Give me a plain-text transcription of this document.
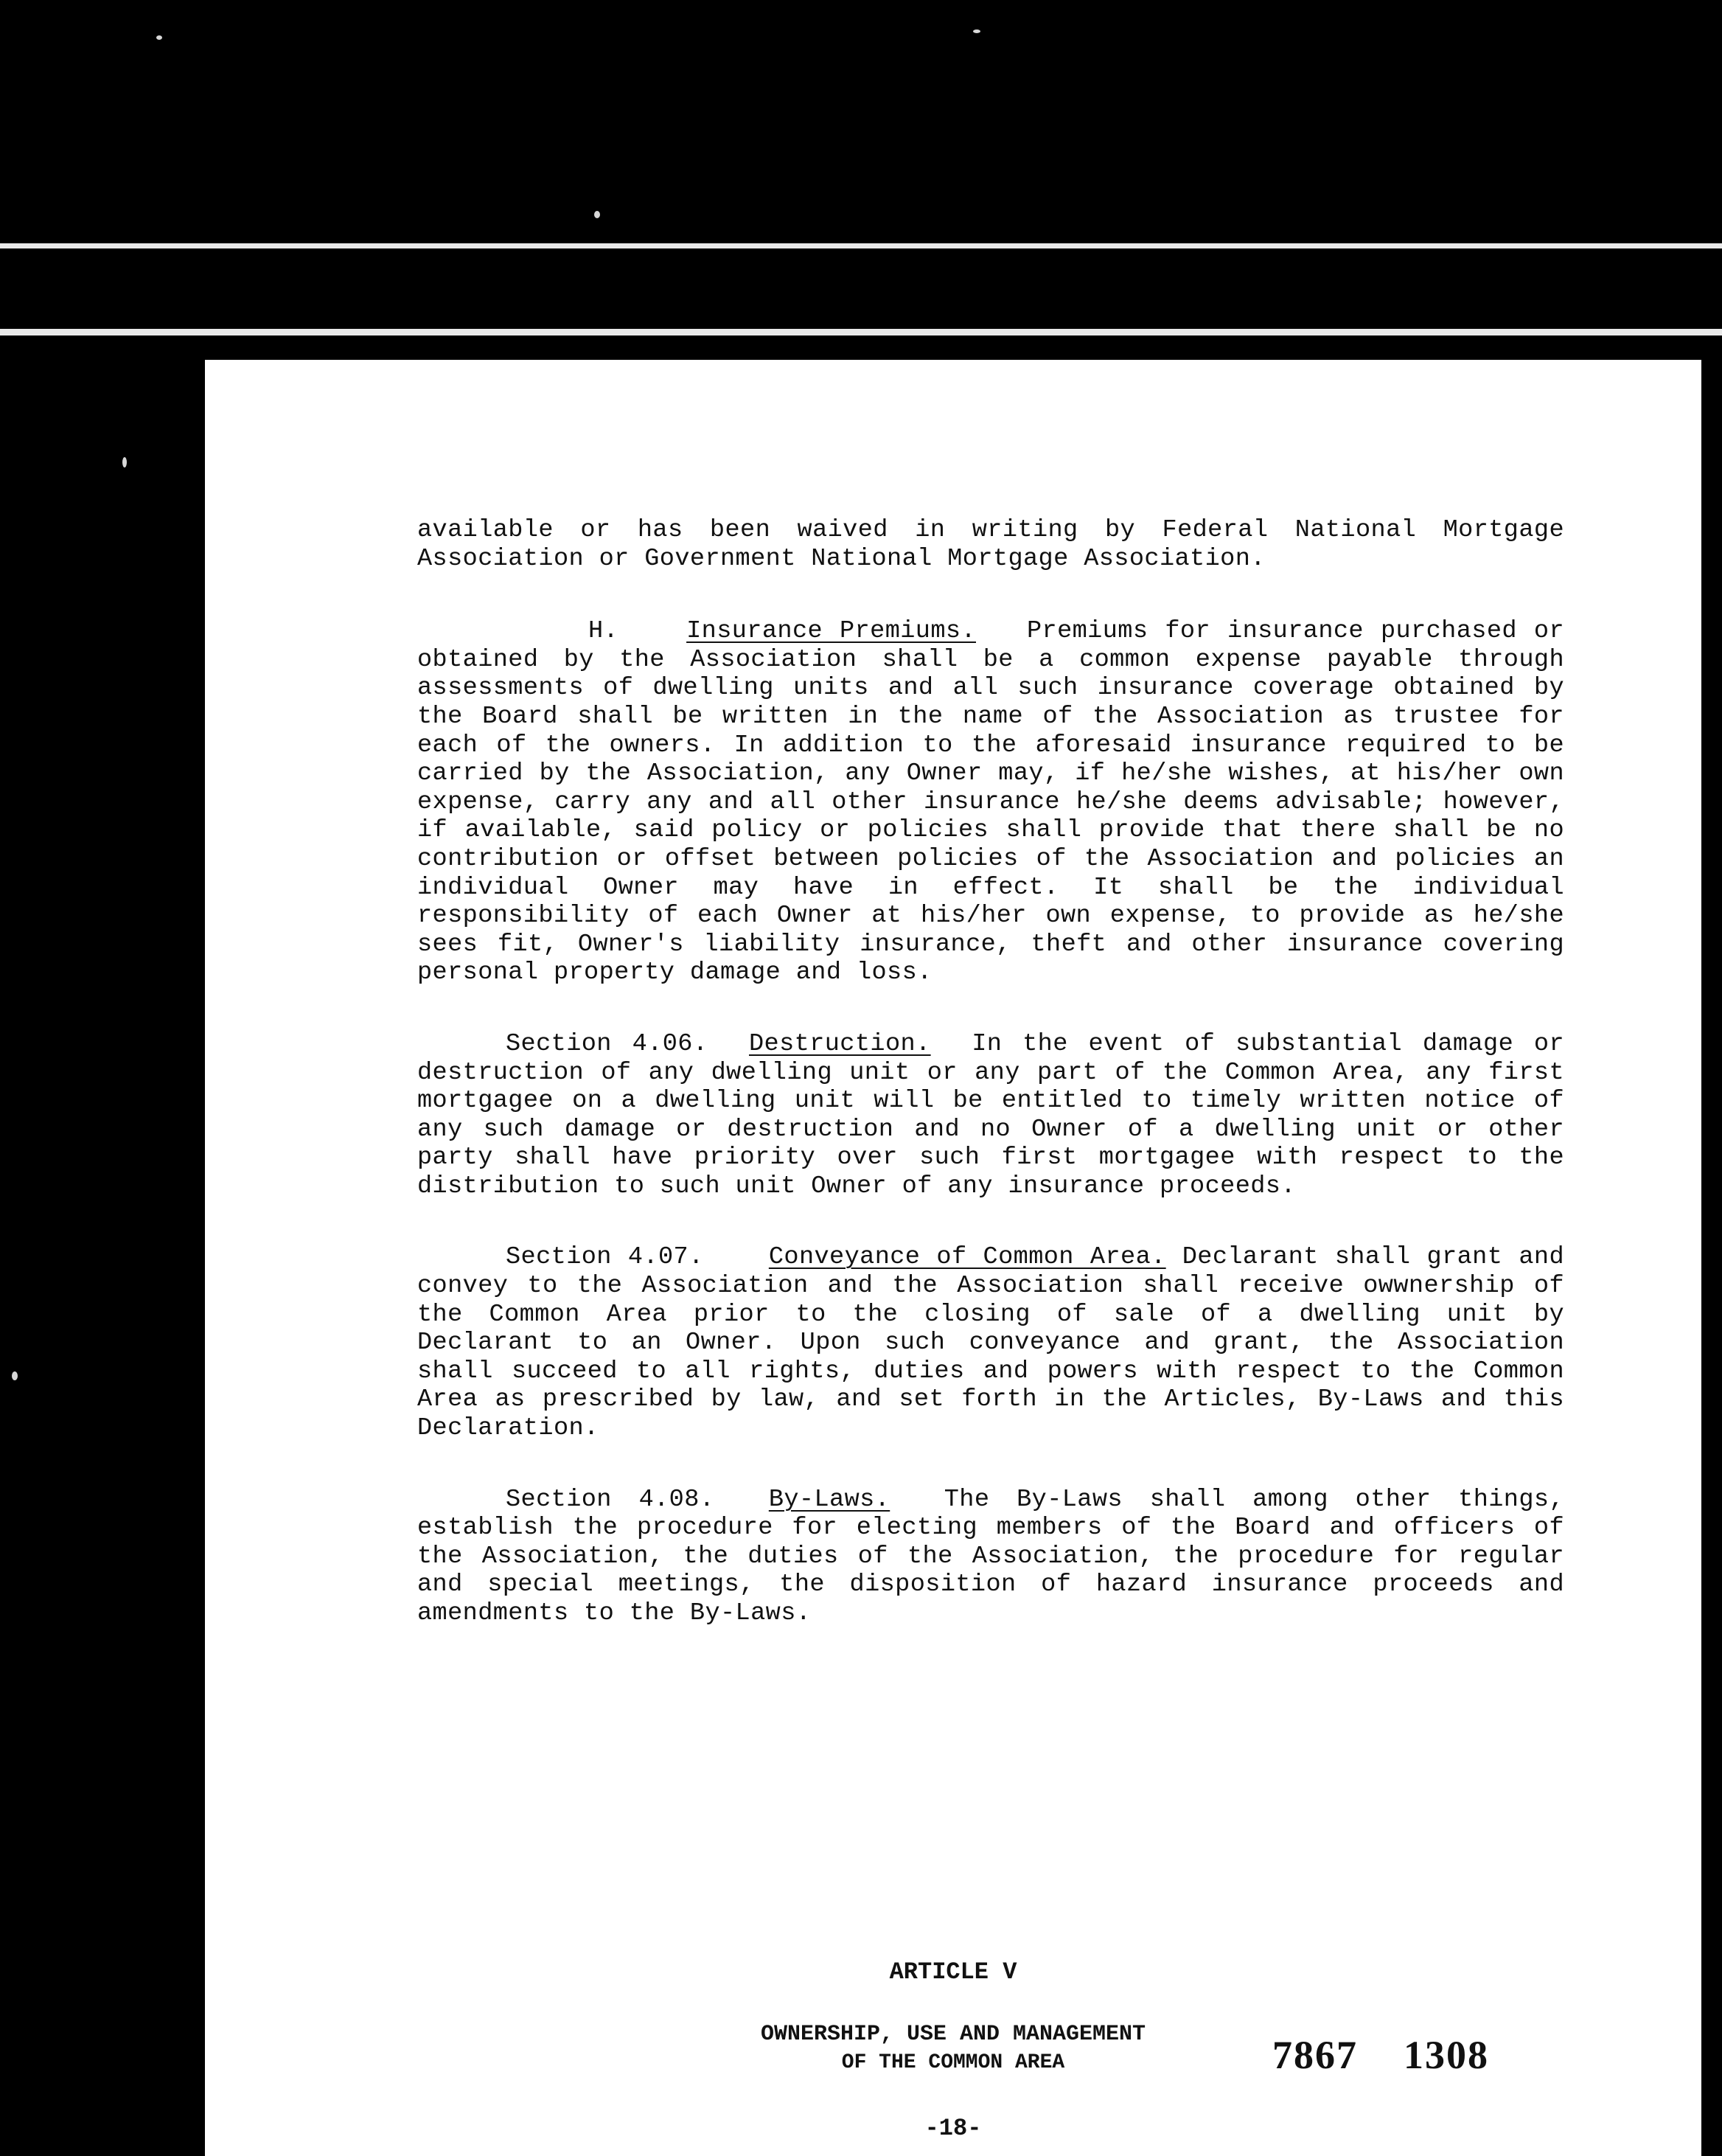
available or has been waived in writing by Federal National Mortgage Association or Government National Mortgage Association.

H.	Insurance Premiums. Premiums for insurance purchased or obtained by the Association shall be a common expense payable through assessments of dwelling units and all such insurance coverage obtained by the Board shall be written in the name of the Association as trustee for each of the owners. In addition to the aforesaid insurance required to be carried by the Association, any Owner may, if he/she wishes, at his/her own expense, carry any and all other insurance he/she deems advisable; however, if available, said policy or policies shall provide that there shall be no contribution or offset between policies of the Association and policies an individual Owner may have in effect. It shall be the individual responsibility of each Owner at his/her own expense, to provide as he/she sees fit, Owner's liability insurance, theft and other insurance covering personal property damage and loss.

Section 4.06. Destruction. In the event of substantial damage or destruction of any dwelling unit or any part of the Common Area, any first mortgagee on a dwelling unit will be entitled to timely written notice of any such damage or destruction and no Owner of a dwelling unit or other party shall have priority over such first mortgagee with respect to the distribution to such unit Owner of any insurance proceeds.

Section 4.07.	Conveyance of Common Area. Declarant shall grant and convey to the Association and the Association shall receive owwnership of the Common Area prior to the closing of sale of a dwelling unit by Declarant to an Owner. Upon such conveyance and grant, the Association shall succeed to all rights, duties and powers with respect to the Common Area as prescribed by law, and set forth in the Articles, By-Laws and this Declaration.

Section 4.08. By-Laws. The By-Laws shall among other things, establish the procedure for electing members of the Board and officers of the Association, the duties of the Association, the procedure for regular and special meetings, the disposition of hazard insurance proceeds and amendments to the By-Laws.

ARTICLE V
OWNERSHIP, USE AND MANAGEMENT
OF THE COMMON AREA	7867 1308
-18-
